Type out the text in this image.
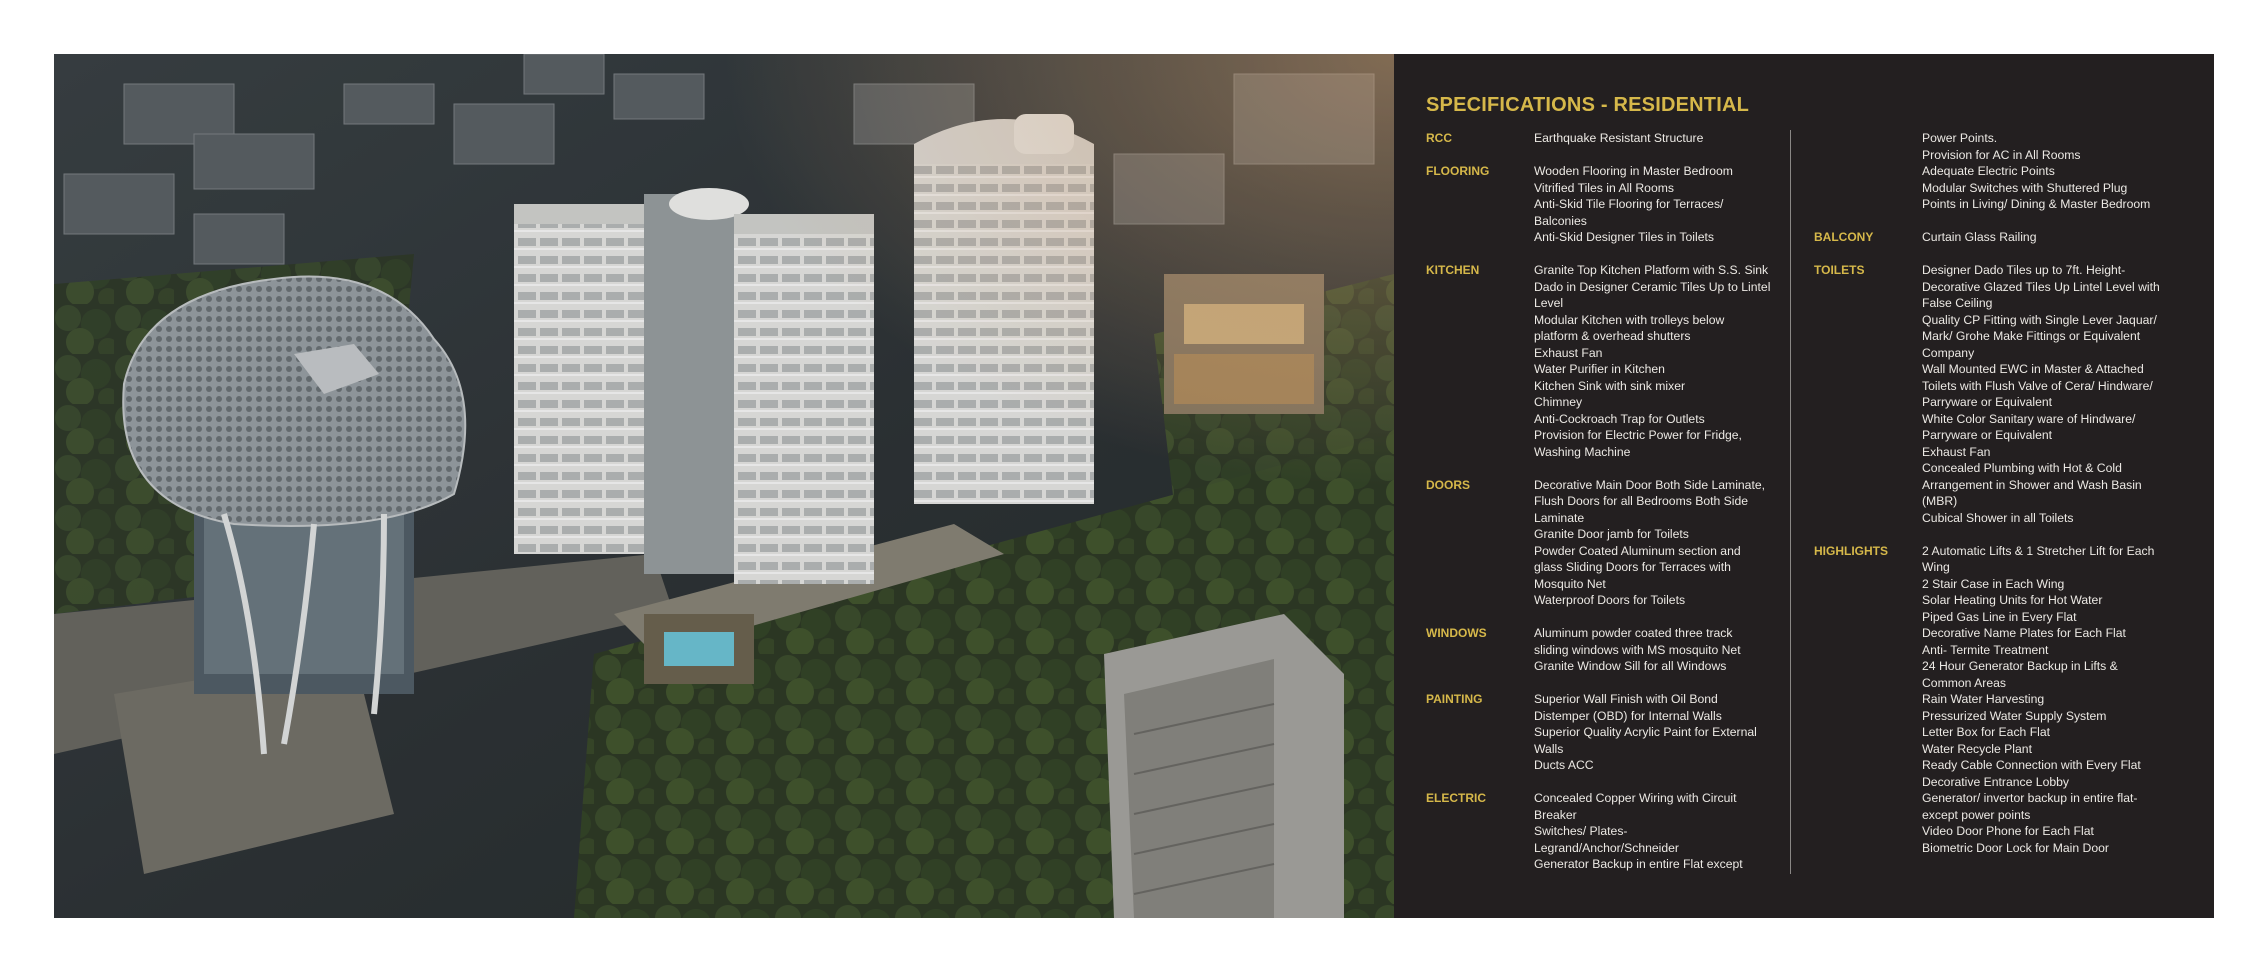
SPECIFICATIONS - RESIDENTIAL
RCC	Earthquake Resistant Structure
FLOORING	Wooden Flooring in Master Bedroom
Vitrified Tiles in All Rooms
Anti-Skid Tile Flooring for Terraces/
Balconies
Anti-Skid Designer Tiles in Toilets
KITCHEN	Granite Top Kitchen Platform with S.S. Sink
Dado in Designer Ceramic Tiles Up to Lintel
Level
Modular Kitchen with trolleys below
platform & overhead shutters
Exhaust Fan
Water Purifier in Kitchen
Kitchen Sink with sink mixer
Chimney
Anti-Cockroach Trap for Outlets
Provision for Electric Power for Fridge,
Washing Machine
DOORS	Decorative Main Door Both Side Laminate,
Flush Doors for all Bedrooms Both Side
Laminate
Granite Door jamb for Toilets
Powder Coated Aluminum section and
glass Sliding Doors for Terraces with
Mosquito Net
Waterproof Doors for Toilets
WINDOWS	Aluminum powder coated three track
sliding windows with MS mosquito Net
Granite Window Sill for all Windows
PAINTING	Superior Wall Finish with Oil Bond
Distemper (OBD) for Internal Walls
Superior Quality Acrylic Paint for External
Walls
Ducts ACC
ELECTRIC	Concealed Copper Wiring with Circuit
Breaker
Switches/ Plates-
Legrand/Anchor/Schneider
Generator Backup in entire Flat except
Power Points.
Provision for AC in All Rooms
Adequate Electric Points
Modular Switches with Shuttered Plug
Points in Living/ Dining & Master Bedroom
BALCONY	Curtain Glass Railing
TOILETS	Designer Dado Tiles up to 7ft. Height-
Decorative Glazed Tiles Up Lintel Level with
False Ceiling
Quality CP Fitting with Single Lever Jaquar/
Mark/ Grohe Make Fittings or Equivalent
Company
Wall Mounted EWC in Master & Attached
Toilets with Flush Valve of Cera/ Hindware/
Parryware or Equivalent
White Color Sanitary ware of Hindware/
Parryware or Equivalent
Exhaust Fan
Concealed Plumbing with Hot & Cold
Arrangement in Shower and Wash Basin
(MBR)
Cubical Shower in all Toilets
HIGHLIGHTS	2 Automatic Lifts & 1 Stretcher Lift for Each
Wing
2 Stair Case in Each Wing
Solar Heating Units for Hot Water
Piped Gas Line in Every Flat
Decorative Name Plates for Each Flat
Anti- Termite Treatment
24 Hour Generator Backup in Lifts &
Common Areas
Rain Water Harvesting
Pressurized Water Supply System
Letter Box for Each Flat
Water Recycle Plant
Ready Cable Connection with Every Flat
Decorative Entrance Lobby
Generator/ invertor backup in entire flat-
except power points
Video Door Phone for Each Flat
Biometric Door Lock for Main Door
